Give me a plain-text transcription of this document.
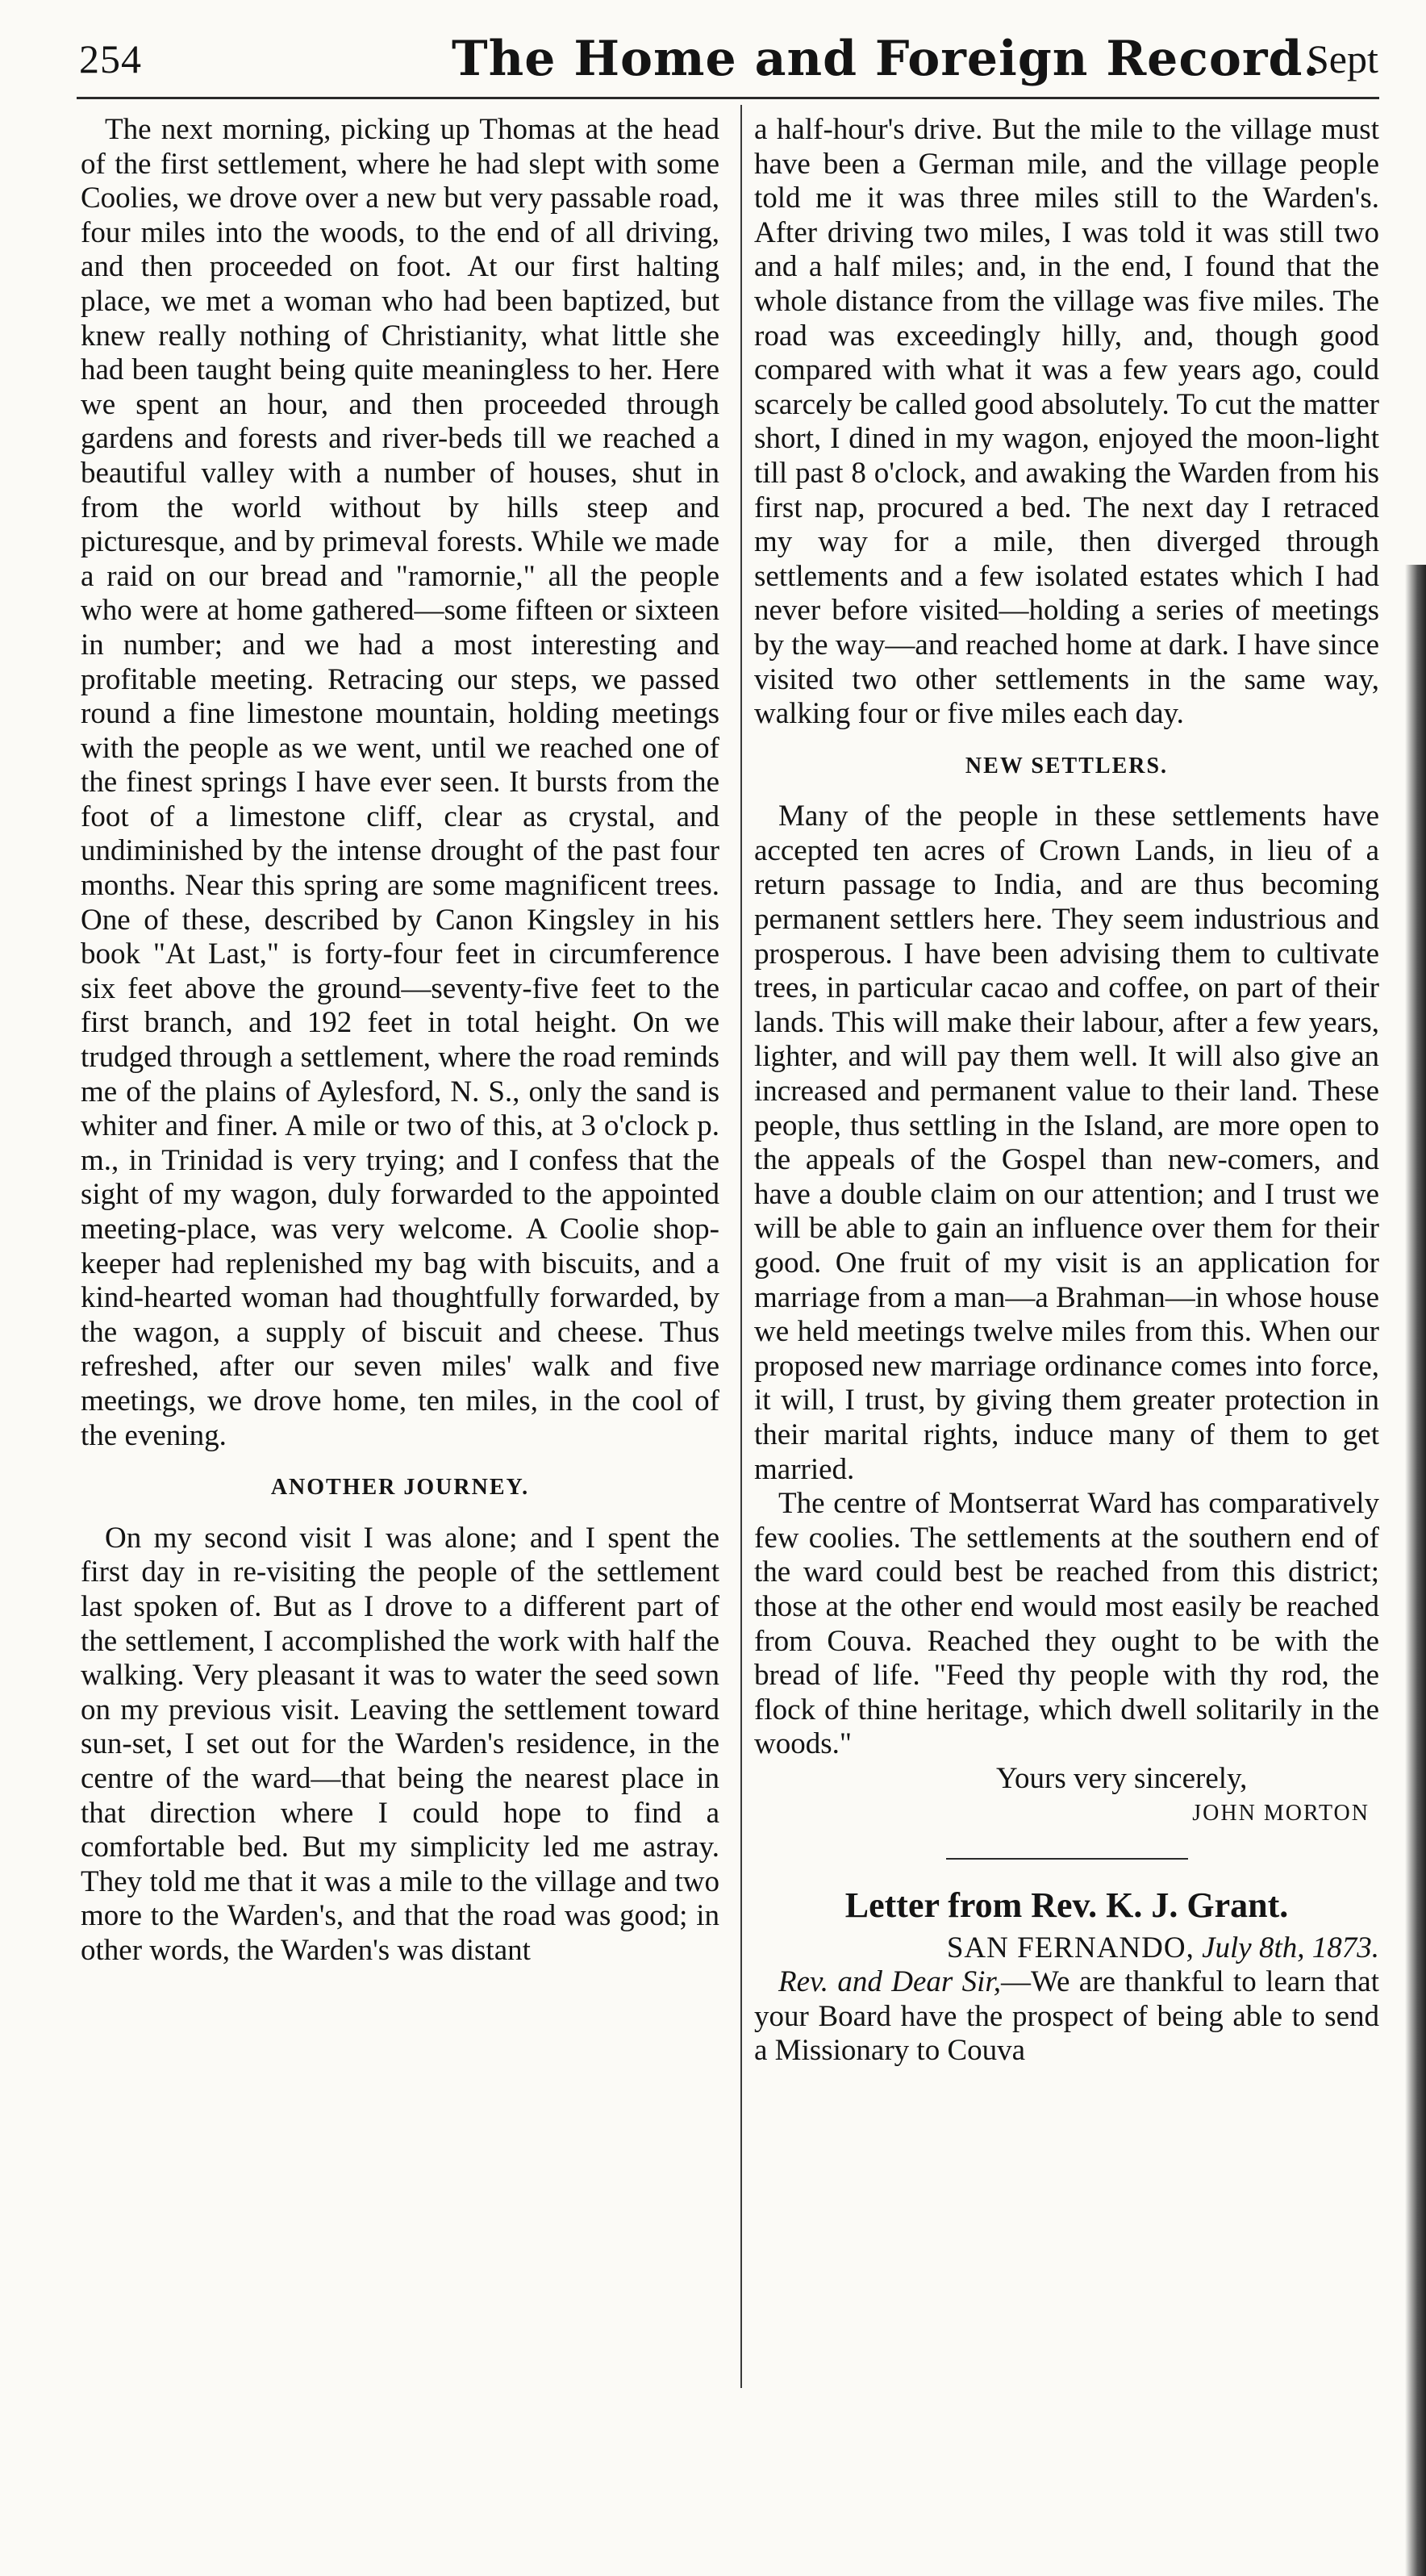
254	The Home and Foreign Record.
Sept

The next morning, picking up Thomas at the head of the first settlement, where he had slept with some Coolies, we drove over a new but very passable road, four miles into the woods, to the end of all driving, and then proceeded on foot. At our first halting place, we met a woman who had been baptized, but knew really nothing of Christianity, what little she had been taught being quite meaningless to her. Here we spent an hour, and then proceeded through gardens and forests and river-beds till we reached a beautiful valley with a number of houses, shut in from the world without by hills steep and picturesque, and by primeval forests. While we made a raid on our bread and "ramornie," all the people who were at home gathered—some fifteen or sixteen in number; and we had a most interesting and profitable meeting. Retracing our steps, we passed round a fine limestone mountain, holding meetings with the people as we went, until we reached one of the finest springs I have ever seen. It bursts from the foot of a limestone cliff, clear as crystal, and undiminished by the intense drought of the past four months. Near this spring are some magnificent trees. One of these, described by Canon Kingsley in his book "At Last," is forty-four feet in circumference six feet above the ground—seventy-five feet to the first branch, and 192 feet in total height. On we trudged through a settlement, where the road reminds me of the plains of Aylesford, N. S., only the sand is whiter and finer. A mile or two of this, at 3 o'clock p. m., in Trinidad is very trying; and I confess that the sight of my wagon, duly forwarded to the appointed meeting-place, was very welcome. A Coolie shop-keeper had replenished my bag with biscuits, and a kind-hearted woman had thoughtfully forwarded, by the wagon, a supply of biscuit and cheese. Thus refreshed, after our seven miles' walk and five meetings, we drove home, ten miles, in the cool of the evening.

ANOTHER JOURNEY.

On my second visit I was alone; and I spent the first day in re-visiting the people of the settlement last spoken of. But as I drove to a different part of the settlement, I accomplished the work with half the walking. Very pleasant it was to water the seed sown on my previous visit. Leaving the settlement toward sun-set, I set out for the Warden's residence, in the centre of the ward—that being the nearest place in that direction where I could hope to find a comfortable bed. But my simplicity led me astray. They told me that it was a mile to the village and two more to the Warden's, and that the road was good; in other words, the Warden's was distant

a half-hour's drive. But the mile to the village must have been a German mile, and the village people told me it was three miles still to the Warden's. After driving two miles, I was told it was still two and a half miles; and, in the end, I found that the whole distance from the village was five miles. The road was exceedingly hilly, and, though good compared with what it was a few years ago, could scarcely be called good absolutely. To cut the matter short, I dined in my wagon, enjoyed the moon-light till past 8 o'clock, and awaking the Warden from his first nap, procured a bed. The next day I retraced my way for a mile, then diverged through settlements and a few isolated estates which I had never before visited—holding a series of meetings by the way—and reached home at dark. I have since visited two other settlements in the same way, walking four or five miles each day.

NEW SETTLERS.

Many of the people in these settlements have accepted ten acres of Crown Lands, in lieu of a return passage to India, and are thus becoming permanent settlers here. They seem industrious and prosperous. I have been advising them to cultivate trees, in particular cacao and coffee, on part of their lands. This will make their labour, after a few years, lighter, and will pay them well. It will also give an increased and permanent value to their land. These people, thus settling in the Island, are more open to the appeals of the Gospel than new-comers, and have a double claim on our attention; and I trust we will be able to gain an influence over them for their good. One fruit of my visit is an application for marriage from a man—a Brahman—in whose house we held meetings twelve miles from this. When our proposed new marriage ordinance comes into force, it will, I trust, by giving them greater protection in their marital rights, induce many of them to get married.

The centre of Montserrat Ward has comparatively few coolies. The settlements at the southern end of the ward could best be reached from this district; those at the other end would most easily be reached from Couva. Reached they ought to be with the bread of life. "Feed thy people with thy rod, the flock of thine heritage, which dwell solitarily in the woods."

Yours very sincerely,

JOHN MORTON

Letter from Rev. K. J. Grant.

SAN FERNANDO, July 8th, 1873.

Rev. and Dear Sir,—We are thankful to learn that your Board have the prospect of being able to send a Missionary to Couva
